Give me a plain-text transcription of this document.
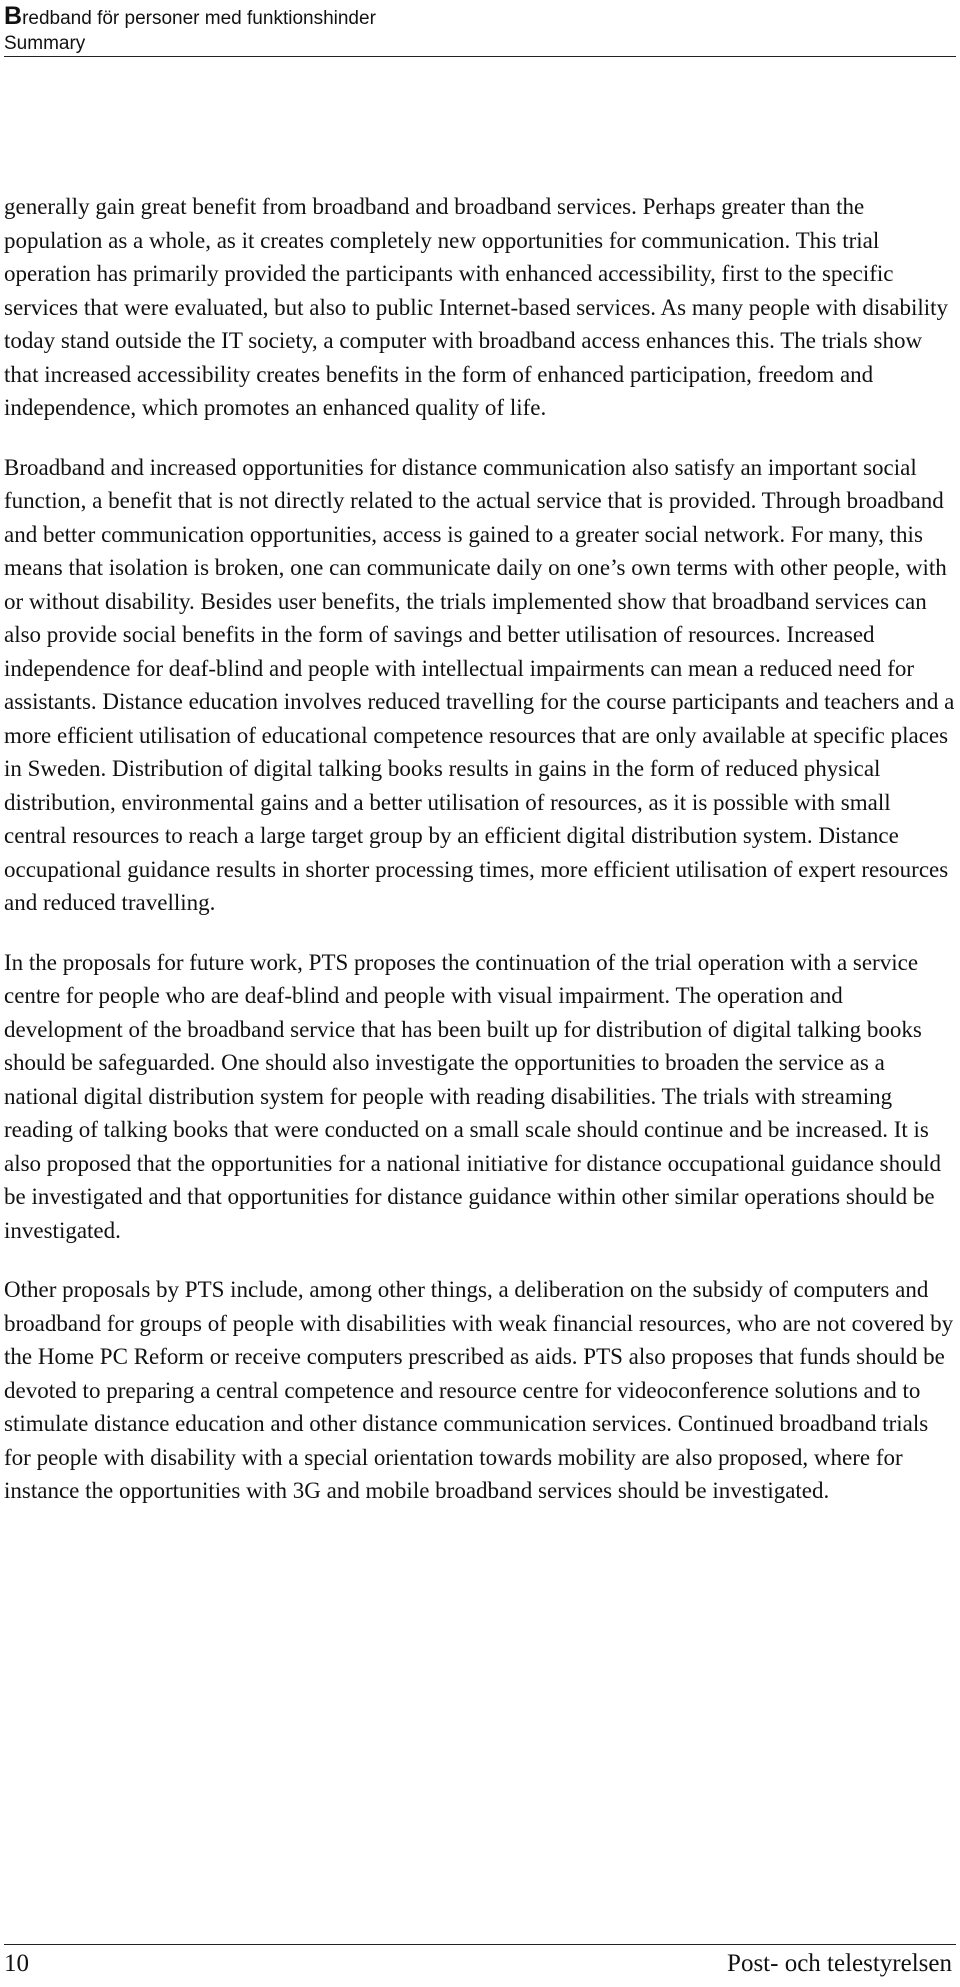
Bredband för personer med funktionshinder
Summary

generally gain great benefit from broadband and broadband services. Perhaps greater than the population as a whole, as it creates completely new opportunities for communication. This trial operation has primarily provided the participants with enhanced accessibility, first to the specific services that were evaluated, but also to public Internet-based services. As many people with disability today stand outside the IT society, a computer with broadband access enhances this. The trials show that increased accessibility creates benefits in the form of enhanced participation, freedom and independence, which promotes an enhanced quality of life.

Broadband and increased opportunities for distance communication also satisfy an important social function, a benefit that is not directly related to the actual service that is provided. Through broadband and better communication opportunities, access is gained to a greater social network. For many, this means that isolation is broken, one can communicate daily on one’s own terms with other people, with or without disability. Besides user benefits, the trials implemented show that broadband services can also provide social benefits in the form of savings and better utilisation of resources. Increased independence for deaf-blind and people with intellectual impairments can mean a reduced need for assistants. Distance education involves reduced travelling for the course participants and teachers and a more efficient utilisation of educational competence resources that are only available at specific places in Sweden. Distribution of digital talking books results in gains in the form of reduced physical distribution, environmental gains and a better utilisation of resources, as it is possible with small central resources to reach a large target group by an efficient digital distribution system. Distance occupational guidance results in shorter processing times, more efficient utilisation of expert resources and reduced travelling.

In the proposals for future work, PTS proposes the continuation of the trial operation with a service centre for people who are deaf-blind and people with visual impairment. The operation and development of the broadband service that has been built up for distribution of digital talking books should be safeguarded. One should also investigate the opportunities to broaden the service as a national digital distribution system for people with reading disabilities. The trials with streaming reading of talking books that were conducted on a small scale should continue and be increased. It is also proposed that the opportunities for a national initiative for distance occupational guidance should be investigated and that opportunities for distance guidance within other similar operations should be investigated.

Other proposals by PTS include, among other things, a deliberation on the subsidy of computers and broadband for groups of people with disabilities with weak financial resources, who are not covered by the Home PC Reform or receive computers prescribed as aids. PTS also proposes that funds should be devoted to preparing a central competence and resource centre for videoconference solutions and to stimulate distance education and other distance communication services. Continued broadband trials for people with disability with a special orientation towards mobility are also proposed, where for instance the opportunities with 3G and mobile broadband services should be investigated.

10	Post- och telestyrelsen
